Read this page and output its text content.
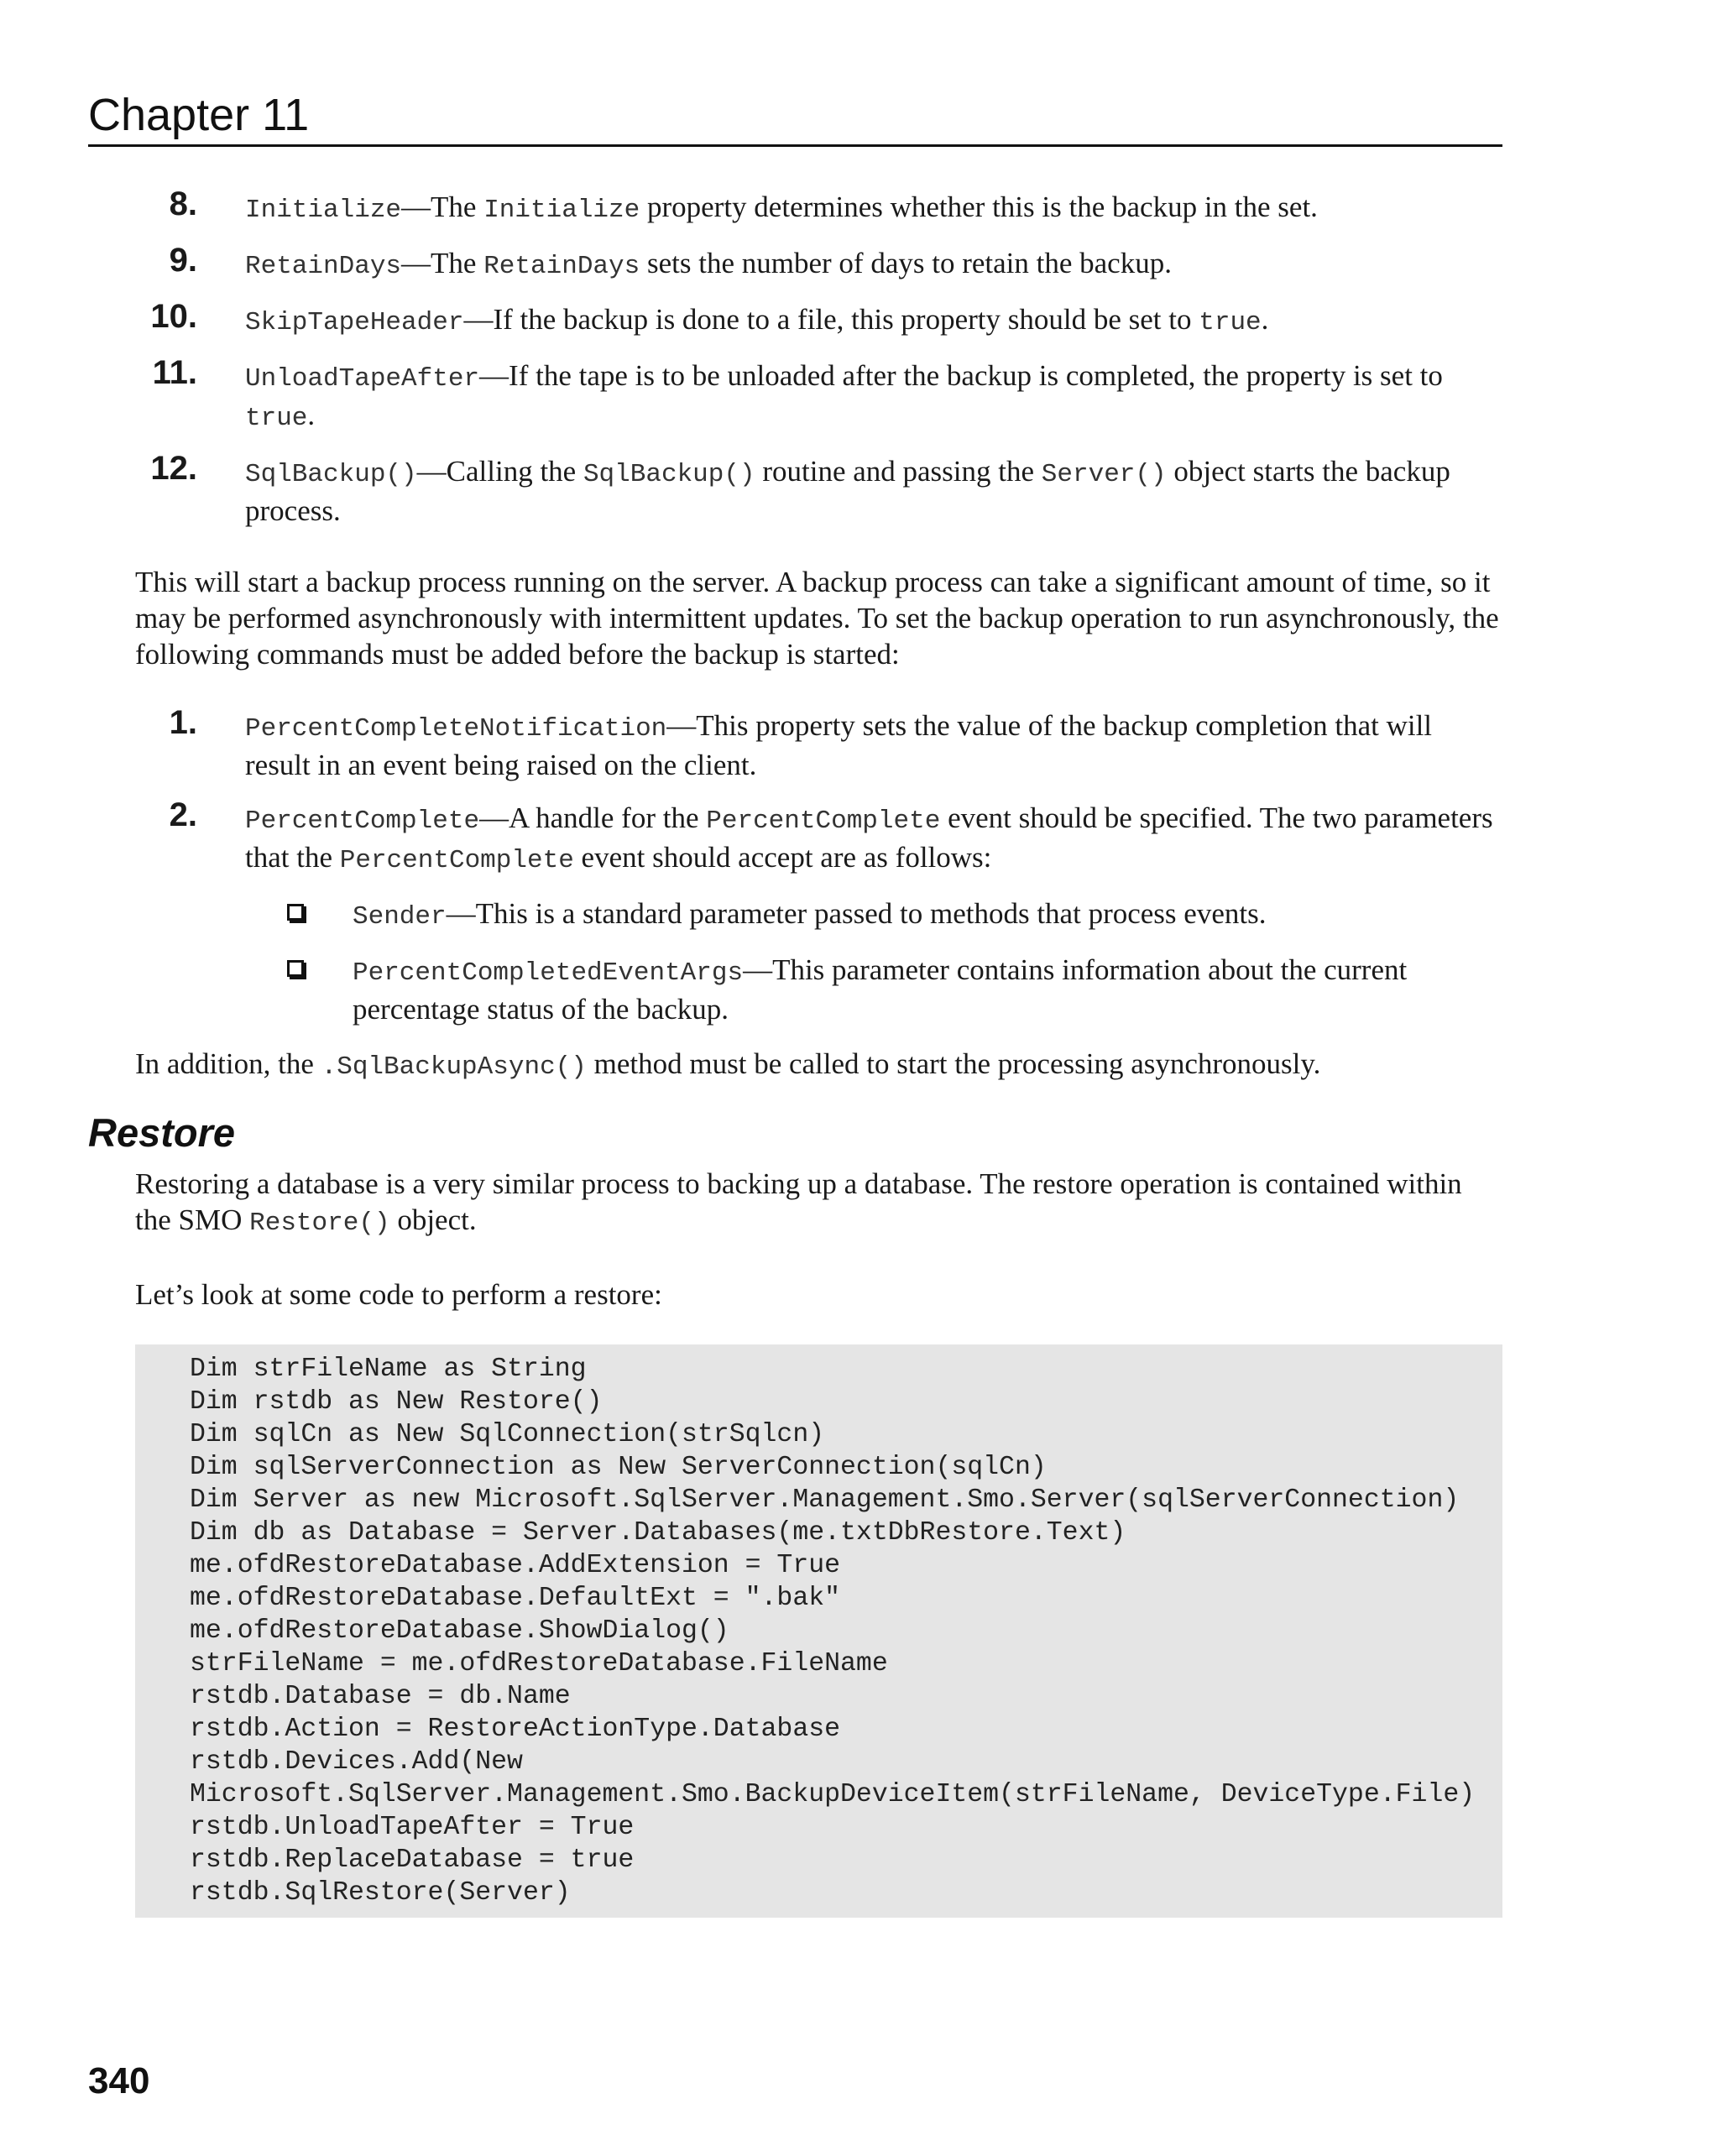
Chapter 11
8. Initialize—The Initialize property determines whether this is the backup in the set.
9. RetainDays—The RetainDays sets the number of days to retain the backup.
10. SkipTapeHeader—If the backup is done to a file, this property should be set to true.
11. UnloadTapeAfter—If the tape is to be unloaded after the backup is completed, the property is set to true.
12. SqlBackup()—Calling the SqlBackup() routine and passing the Server() object starts the backup process.

This will start a backup process running on the server. A backup process can take a significant amount of time, so it may be performed asynchronously with intermittent updates. To set the backup operation to run asynchronously, the following commands must be added before the backup is started:

1. PercentCompleteNotification—This property sets the value of the backup completion that will result in an event being raised on the client.
2. PercentComplete—A handle for the PercentComplete event should be specified. The two parameters that the PercentComplete event should accept are as follows:
Sender—This is a standard parameter passed to methods that process events.
PercentCompletedEventArgs—This parameter contains information about the current percentage status of the backup.

In addition, the .SqlBackupAsync() method must be called to start the processing asynchronously.

Restore

Restoring a database is a very similar process to backing up a database. The restore operation is contained within the SMO Restore() object.

Let’s look at some code to perform a restore:

Dim strFileName as String
Dim rstdb as New Restore()
Dim sqlCn as New SqlConnection(strSqlcn)
Dim sqlServerConnection as New ServerConnection(sqlCn)
Dim Server as new Microsoft.SqlServer.Management.Smo.Server(sqlServerConnection)
Dim db as Database = Server.Databases(me.txtDbRestore.Text)
me.ofdRestoreDatabase.AddExtension = True
me.ofdRestoreDatabase.DefaultExt = ".bak"
me.ofdRestoreDatabase.ShowDialog()
strFileName = me.ofdRestoreDatabase.FileName
rstdb.Database = db.Name
rstdb.Action = RestoreActionType.Database
rstdb.Devices.Add(New
Microsoft.SqlServer.Management.Smo.BackupDeviceItem(strFileName, DeviceType.File)
rstdb.UnloadTapeAfter = True
rstdb.ReplaceDatabase = true
rstdb.SqlRestore(Server)
340
